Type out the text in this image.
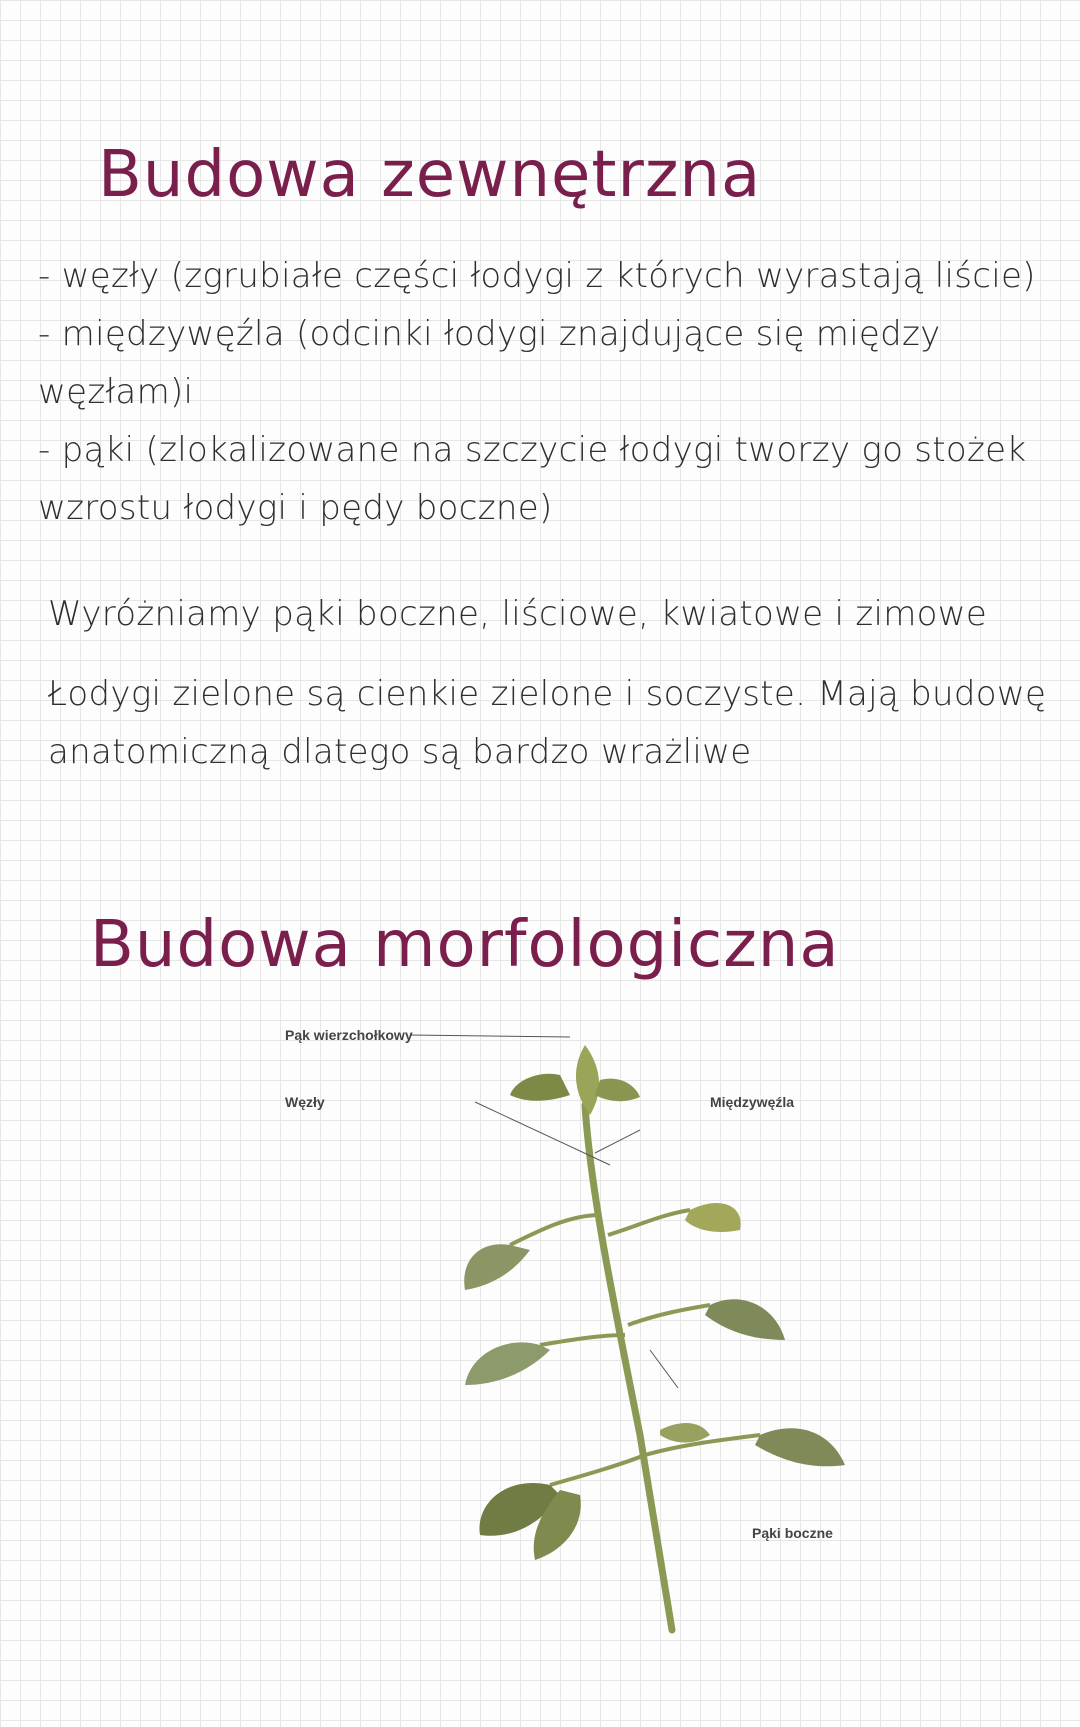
Budowa zewnętrzna

- węzły (zgrubiałe części łodygi z których wyrastają liście)

- międzywęźla (odcinki łodygi znajdujące się między

węzłam)i

- pąki (zlokalizowane na szczycie łodygi tworzy go stożek

wzrostu łodygi i pędy boczne)

Wyróżniamy pąki boczne, liściowe, kwiatowe i zimowe

Łodygi zielone są cienkie zielone i soczyste. Mają budowę

anatomiczną dlatego są bardzo wrażliwe

Budowa morfologiczna
Pąk wierzchołkowy
Węzły	Międzywęźla
Pąki boczne
